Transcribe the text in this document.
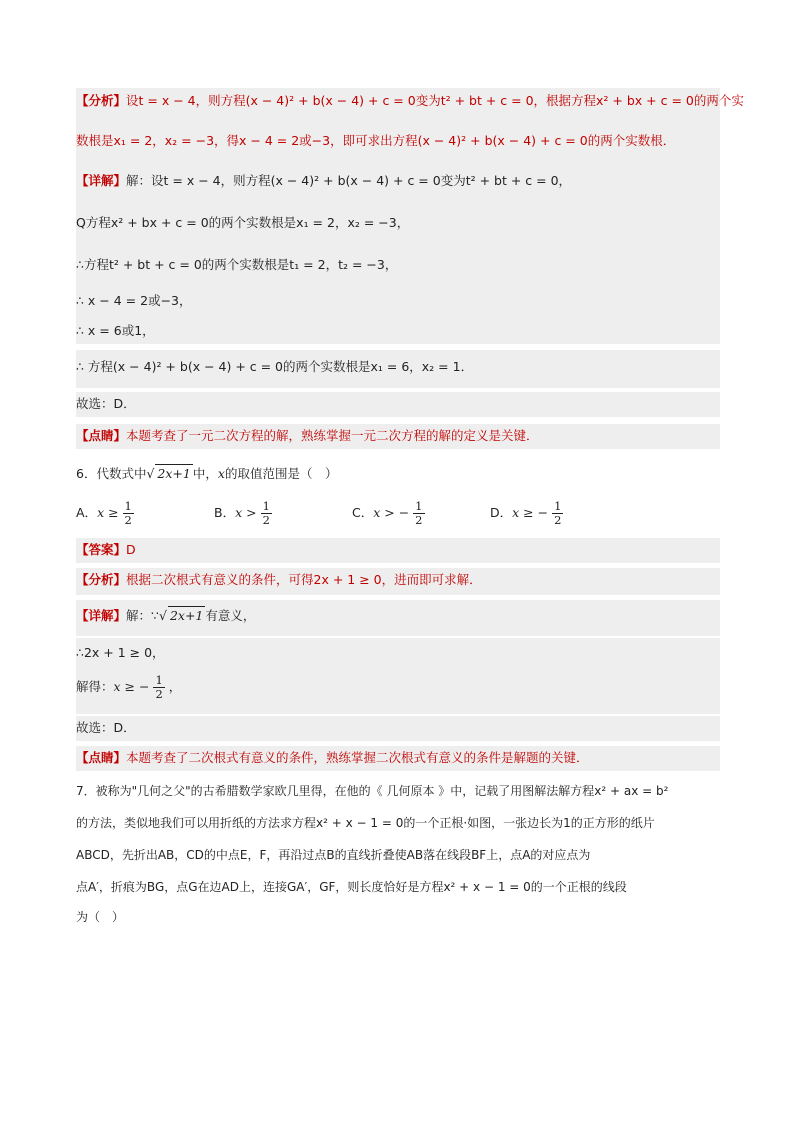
【分析】设t = x − 4，则方程(x − 4)² + b(x − 4) + c = 0变为t² + bt + c = 0，根据方程x² + bx + c = 0的两个实
数根是x₁ = 2，x₂ = −3，得x − 4 = 2或−3，即可求出方程(x − 4)² + b(x − 4) + c = 0的两个实数根．
【详解】解：设t = x − 4，则方程(x − 4)² + b(x − 4) + c = 0变为t² + bt + c = 0，
Q方程x² + bx + c = 0的两个实数根是x₁ = 2，x₂ = −3，
∴方程t² + bt + c = 0的两个实数根是t₁ = 2，t₂ = −3，
∴ x − 4 = 2或−3，
∴ x = 6或1，
∴ 方程(x − 4)² + b(x − 4) + c = 0的两个实数根是x₁ = 6，x₂ = 1．
故选：D．
【点睛】本题考查了一元二次方程的解，熟练掌握一元二次方程的解的定义是关键．
6．代数式中√ 2x+1 中，x的取值范围是（　）
A．$x \ge \frac{1}{2}$	B．$x > \frac{1}{2}$	C．x > − $\frac{1}{2}$	D．x ≥ − $\frac{1}{2}$
【答案】D
【分析】根据二次根式有意义的条件，可得2x + 1 ≥ 0，进而即可求解．
【详解】解：∵√ 2x+1 有意义，
∴2x + 1 ≥ 0，
解得：x ≥ − $\frac{1}{2}$ ，
故选：D．
【点睛】本题考查了二次根式有意义的条件，熟练掌握二次根式有意义的条件是解题的关键．
7．被称为"几何之父"的古希腊数学家欧几里得，在他的《 几何原本 》中，记载了用图解法解方程x² + ax = b²
的方法，类似地我们可以用折纸的方法求方程x² + x − 1 = 0的一个正根·如图，一张边长为1的正方形的纸片
ABCD，先折出AB，CD的中点E，F，再沿过点B的直线折叠使AB落在线段BF上，点A的对应点为
点A′，折痕为BG，点G在边AD上，连接GA′，GF，则长度恰好是方程x² + x − 1 = 0的一个正根的线段
为（　）
